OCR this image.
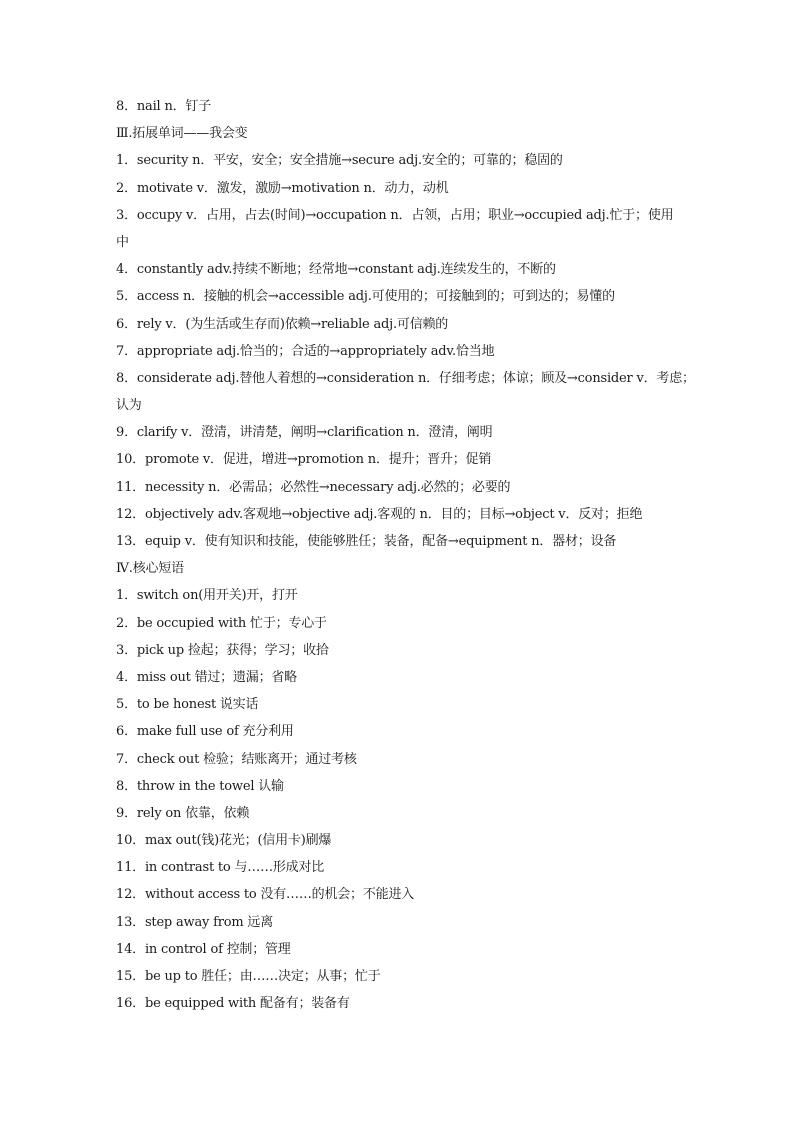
8．nail n．钉子
Ⅲ.拓展单词——我会变
1．security n．平安，安全；安全措施→secure adj.安全的；可靠的；稳固的
2．motivate v．激发，激励→motivation n．动力，动机
3．occupy v．占用，占去(时间)→occupation n．占领，占用；职业→occupied adj.忙于；使用
中
4．constantly adv.持续不断地；经常地→constant adj.连续发生的，不断的
5．access n．接触的机会→accessible adj.可使用的；可接触到的；可到达的；易懂的
6．rely v．(为生活或生存而)依赖→reliable adj.可信赖的
7．appropriate adj.恰当的；合适的→appropriately adv.恰当地
8．considerate adj.替他人着想的→consideration n．仔细考虑；体谅；顾及→consider v．考虑；
认为
9．clarify v．澄清，讲清楚，阐明→clarification n．澄清，阐明
10．promote v．促进，增进→promotion n．提升；晋升；促销
11．necessity n．必需品；必然性→necessary adj.必然的；必要的
12．objectively adv.客观地→objective adj.客观的 n．目的；目标→object v．反对；拒绝
13．equip v．使有知识和技能，使能够胜任；装备，配备→equipment n．器材；设备
Ⅳ.核心短语
1．switch on(用开关)开，打开
2．be occupied with 忙于；专心于
3．pick up 捡起；获得；学习；收拾
4．miss out 错过；遗漏；省略
5．to be honest 说实话
6．make full use of 充分利用
7．check out 检验；结账离开；通过考核
8．throw in the towel 认输
9．rely on 依靠，依赖
10．max out(钱)花光；(信用卡)刷爆
11．in contrast to 与……形成对比
12．without access to 没有……的机会；不能进入
13．step away from 远离
14．in control of 控制；管理
15．be up to 胜任；由……决定；从事；忙于
16．be equipped with 配备有；装备有
